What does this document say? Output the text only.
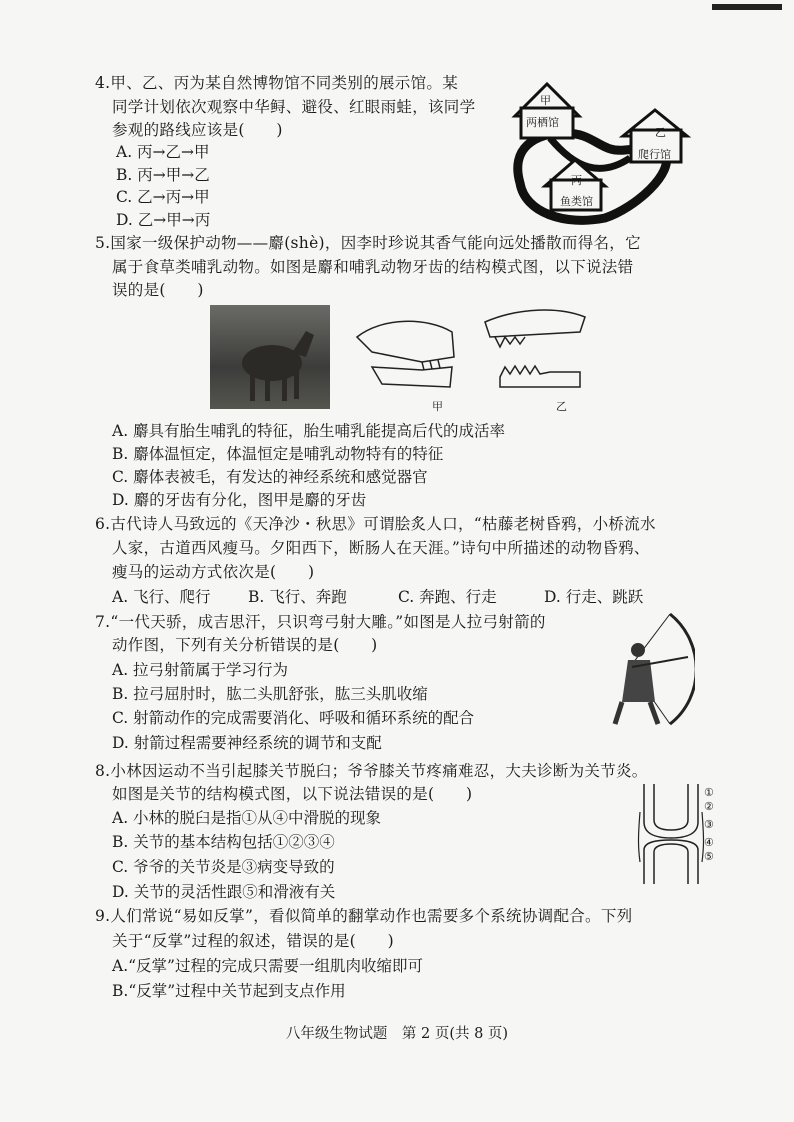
4.甲、乙、丙为某自然博物馆不同类别的展示馆。某
同学计划依次观察中华鲟、避役、红眼雨蛙，该同学
参观的路线应该是(　　)
A. 丙→乙→甲
B. 丙→甲→乙
C. 乙→丙→甲
D. 乙→甲→丙
甲
两栖馆
乙
爬行馆
丙
鱼类馆
5.国家一级保护动物——麝(shè)，因李时珍说其香气能向远处播散而得名，它
属于食草类哺乳动物。如图是麝和哺乳动物牙齿的结构模式图，以下说法错
误的是(　　)
甲	乙
A. 麝具有胎生哺乳的特征，胎生哺乳能提高后代的成活率
B. 麝体温恒定，体温恒定是哺乳动物特有的特征
C. 麝体表被毛，有发达的神经系统和感觉器官
D. 麝的牙齿有分化，图甲是麝的牙齿
6.古代诗人马致远的《天净沙・秋思》可谓脍炙人口，“枯藤老树昏鸦，小桥流水
人家，古道西风瘦马。夕阳西下，断肠人在天涯。”诗句中所描述的动物昏鸦、
瘦马的运动方式依次是(　　)
A. 飞行、爬行 B. 飞行、奔跑	C. 奔跑、行走	D. 行走、跳跃
7.“一代天骄，成吉思汗，只识弯弓射大雕。”如图是人拉弓射箭的
动作图，下列有关分析错误的是(　　)
A. 拉弓射箭属于学习行为
B. 拉弓屈肘时，肱二头肌舒张，肱三头肌收缩
C. 射箭动作的完成需要消化、呼吸和循环系统的配合
D. 射箭过程需要神经系统的调节和支配
8.小林因运动不当引起膝关节脱臼；爷爷膝关节疼痛难忍，大夫诊断为关节炎。
如图是关节的结构模式图，以下说法错误的是(　　)
A. 小林的脱臼是指①从④中滑脱的现象
B. 关节的基本结构包括①②③④
C. 爷爷的关节炎是③病变导致的
D. 关节的灵活性跟⑤和滑液有关
①
②
③
④
⑤
9.人们常说“易如反掌”，看似简单的翻掌动作也需要多个系统协调配合。下列
关于“反掌”过程的叙述，错误的是(　　)
A.“反掌”过程的完成只需要一组肌肉收缩即可
B.“反掌”过程中关节起到支点作用
八年级生物试题　第 2 页(共 8 页)
